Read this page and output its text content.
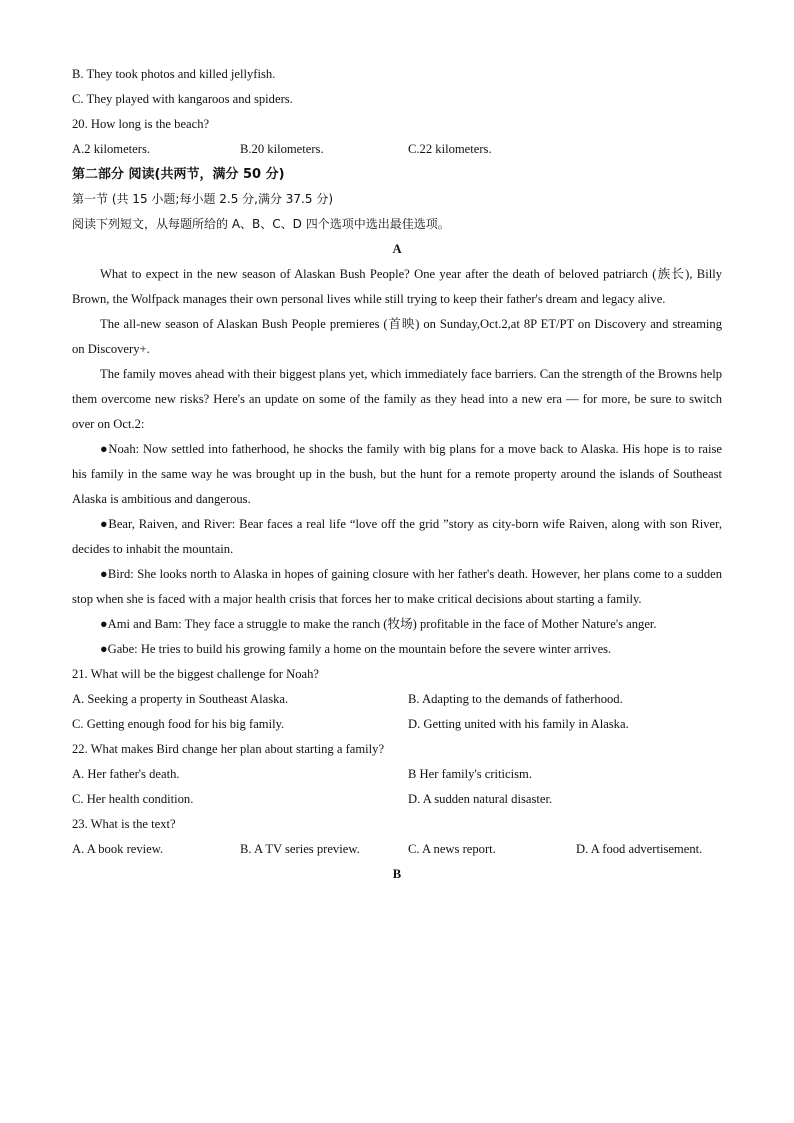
B. They took photos and killed jellyfish.
C. They played with kangaroos and spiders.
20. How long is the beach?
A.2 kilometers.	B.20 kilometers.	C.22 kilometers.
第二部分 阅读(共两节，满分 50 分)
第一节 (共 15 小题;每小题 2.5 分,满分 37.5 分)
阅读下列短文，从每题所给的 A、B、C、D 四个选项中选出最佳选项。
A

What to expect in the new season of Alaskan Bush People? One year after the death of beloved patriarch (族长), Billy Brown, the Wolfpack manages their own personal lives while still trying to keep their father's dream and legacy alive.

The all-new season of Alaskan Bush People premieres (首映) on Sunday,Oct.2,at 8P ET/PT on Discovery and streaming on Discovery+.

The family moves ahead with their biggest plans yet, which immediately face barriers. Can the strength of the Browns help them overcome new risks? Here's an update on some of the family as they head into a new era — for more, be sure to switch over on Oct.2:

●Noah: Now settled into fatherhood, he shocks the family with big plans for a move back to Alaska. His hope is to raise his family in the same way he was brought up in the bush, but the hunt for a remote property around the islands of Southeast Alaska is ambitious and dangerous.

●Bear, Raiven, and River: Bear faces a real life “love off the grid ”story as city-born wife Raiven, along with son River, decides to inhabit the mountain.

●Bird: She looks north to Alaska in hopes of gaining closure with her father's death. However, her plans come to a sudden stop when she is faced with a major health crisis that forces her to make critical decisions about starting a family.

●Ami and Bam: They face a struggle to make the ranch (牧场) profitable in the face of Mother Nature's anger.

●Gabe: He tries to build his growing family a home on the mountain before the severe winter arrives.

21. What will be the biggest challenge for Noah?
A. Seeking a property in Southeast Alaska.	B. Adapting to the demands of fatherhood.
C. Getting enough food for his big family.	D. Getting united with his family in Alaska.
22. What makes Bird change her plan about starting a family?
A. Her father's death.	B Her family's criticism.
C. Her health condition.	D. A sudden natural disaster.
23. What is the text?
A. A book review.	B. A TV series preview.	C. A news report.	D. A food advertisement.
B
